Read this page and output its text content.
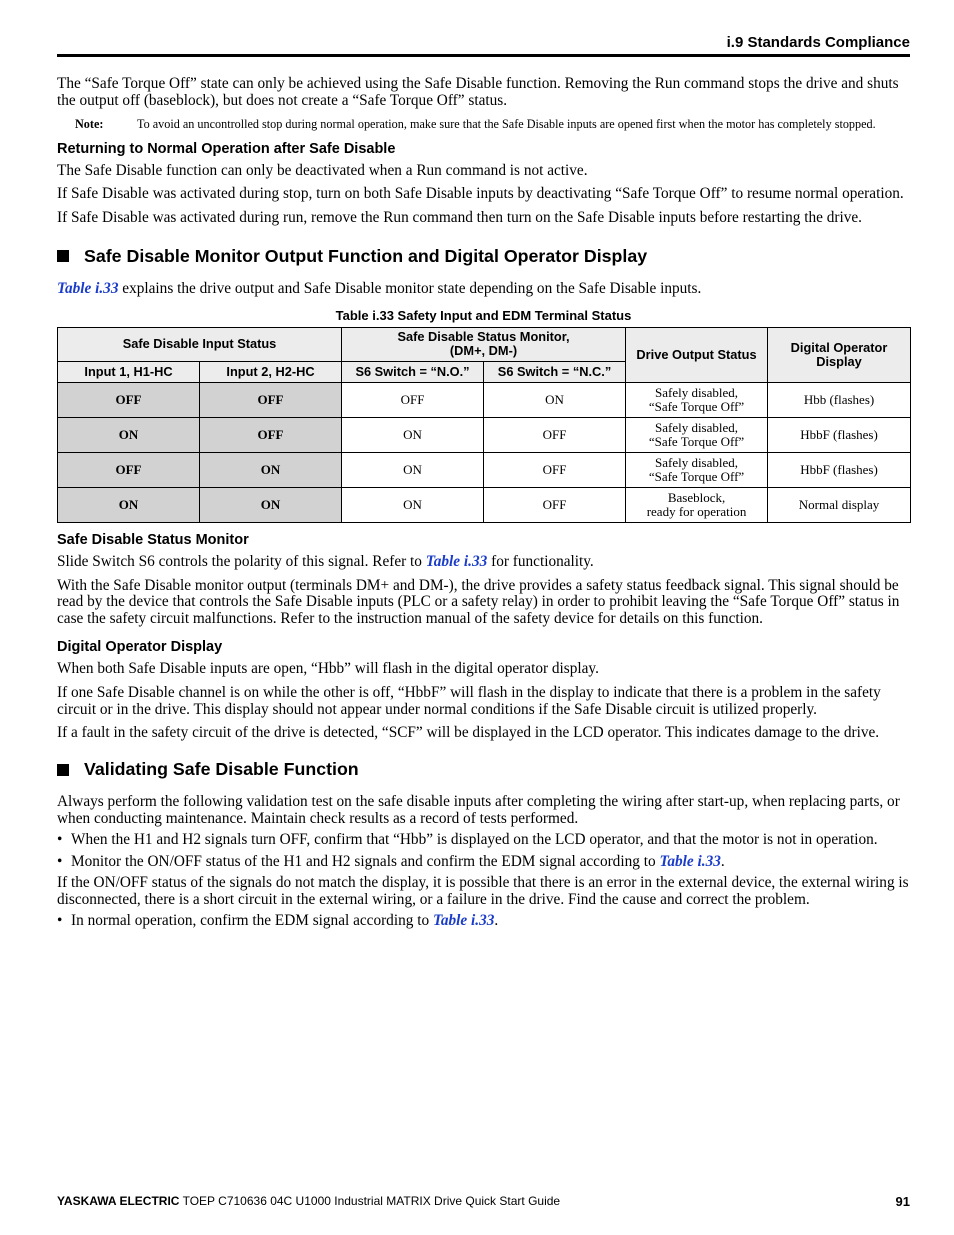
i.9 Standards Compliance

The “Safe Torque Off” state can only be achieved using the Safe Disable function. Removing the Run command stops the drive and shuts the output off (baseblock), but does not create a “Safe Torque Off” status.

Note:	To avoid an uncontrolled stop during normal operation, make sure that the Safe Disable inputs are opened first when the motor has completely stopped.
Returning to Normal Operation after Safe Disable

The Safe Disable function can only be deactivated when a Run command is not active.

If Safe Disable was activated during stop, turn on both Safe Disable inputs by deactivating “Safe Torque Off” to resume normal operation.

If Safe Disable was activated during run, remove the Run command then turn on the Safe Disable inputs before restarting the drive.

Safe Disable Monitor Output Function and Digital Operator Display

Table i.33 explains the drive output and Safe Disable monitor state depending on the Safe Disable inputs.

Table i.33 Safety Input and EDM Terminal Status
Safe Disable Input Status		Safe Disable Status Monitor,
(DM+, DM-)		Drive Output Status	Digital Operator Display
Input 1, H1-HC	Input 2, H2-HC	S6 Switch = “N.O.”	S6 Switch = “N.C.”		
OFF	OFF	OFF	ON	Safely disabled,
“Safe Torque Off”	Hbb (flashes)
ON	OFF	ON	OFF	Safely disabled,
“Safe Torque Off”	HbbF (flashes)
OFF	ON	ON	OFF	Safely disabled,
“Safe Torque Off”	HbbF (flashes)
ON	ON	ON	OFF	Baseblock,
ready for operation	Normal display
Safe Disable Status Monitor

Slide Switch S6 controls the polarity of this signal. Refer to Table i.33 for functionality.

With the Safe Disable monitor output (terminals DM+ and DM-), the drive provides a safety status feedback signal. This signal should be read by the device that controls the Safe Disable inputs (PLC or a safety relay) in order to prohibit leaving the “Safe Torque Off” status in case the safety circuit malfunctions. Refer to the instruction manual of the safety device for details on this function.

Digital Operator Display

When both Safe Disable inputs are open, “Hbb” will flash in the digital operator display.

If one Safe Disable channel is on while the other is off, “HbbF” will flash in the display to indicate that there is a problem in the safety circuit or in the drive. This display should not appear under normal conditions if the Safe Disable circuit is utilized properly.

If a fault in the safety circuit of the drive is detected, “SCF” will be displayed in the LCD operator. This indicates damage to the drive.

Validating Safe Disable Function

Always perform the following validation test on the safe disable inputs after completing the wiring after start-up, when replacing parts, or when conducting maintenance. Maintain check results as a record of tests performed.

• When the H1 and H2 signals turn OFF, confirm that “Hbb” is displayed on the LCD operator, and that the motor is not in operation.
• Monitor the ON/OFF status of the H1 and H2 signals and confirm the EDM signal according to Table i.33.

If the ON/OFF status of the signals do not match the display, it is possible that there is an error in the external device, the external wiring is disconnected, there is a short circuit in the external wiring, or a failure in the drive. Find the cause and correct the problem.

• In normal operation, confirm the EDM signal according to Table i.33.
YASKAWA ELECTRIC TOEP C710636 04C U1000 Industrial MATRIX Drive Quick Start Guide	91
